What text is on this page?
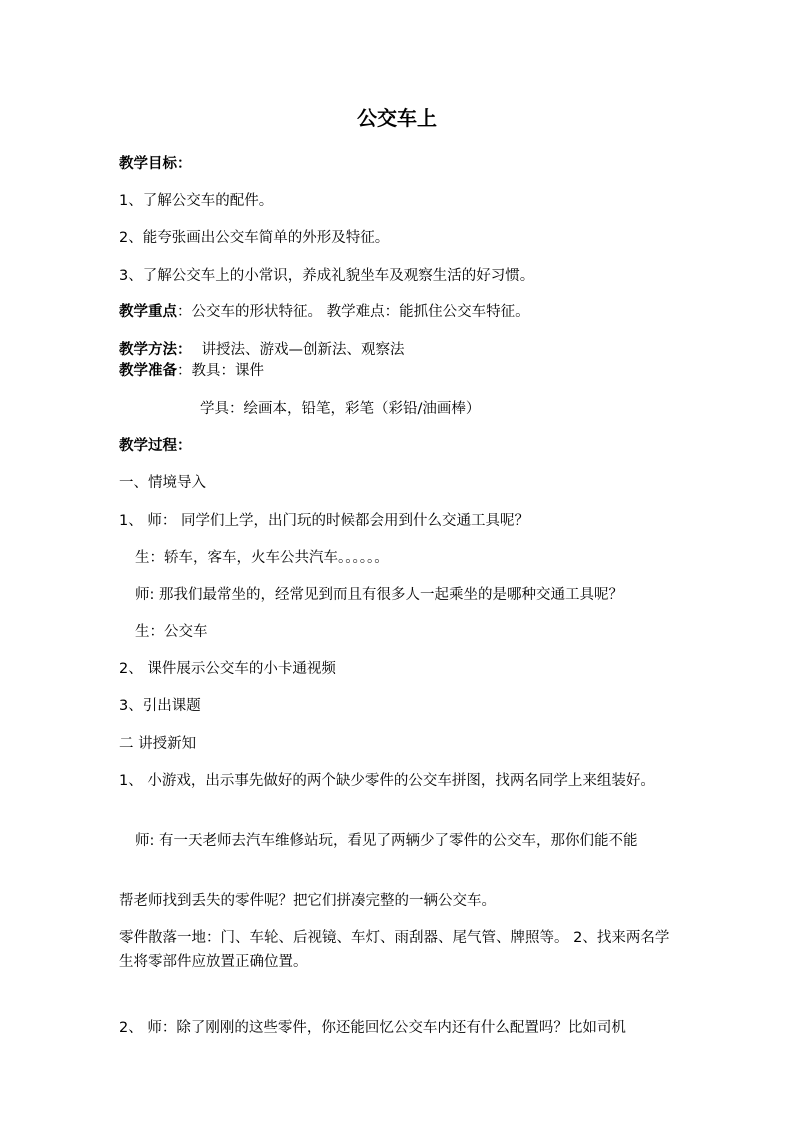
公交车上
教学目标：
1、了解公交车的配件。
2、能夸张画出公交车简单的外形及特征。
3、了解公交车上的小常识，养成礼貌坐车及观察生活的好习惯。
教学重点：公交车的形状特征。 教学难点：能抓住公交车特征。
教学方法： 讲授法、游戏—创新法、观察法
教学准备：教具：课件
学具：绘画本，铅笔，彩笔（彩铅/油画棒）
教学过程：
一、情境导入
1、 师： 同学们上学，出门玩的时候都会用到什么交通工具呢？
生：轿车，客车，火车公共汽车。。。。。。
师: 那我们最常坐的，经常见到而且有很多人一起乘坐的是哪种交通工具呢？
生：公交车
2、 课件展示公交车的小卡通视频
3、引出课题
二 讲授新知
1、 小游戏，出示事先做好的两个缺少零件的公交车拼图，找两名同学上来组装好。
师: 有一天老师去汽车维修站玩，看见了两辆少了零件的公交车，那你们能不能
帮老师找到丢失的零件呢？把它们拼凑完整的一辆公交车。
零件散落一地：门、车轮、后视镜、车灯、雨刮器、尾气管、牌照等。 2、找来两名学生将零部件应放置正确位置。
2、 师：除了刚刚的这些零件，你还能回忆公交车内还有什么配置吗？比如司机
